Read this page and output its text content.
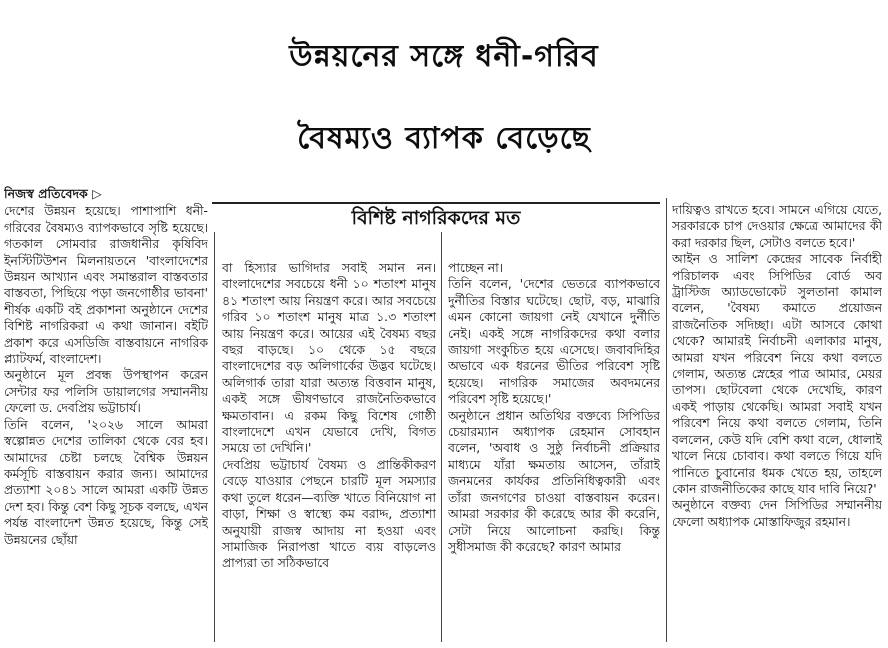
উন্নয়নের সঙ্গে ধনী-গরিব
বৈষম্যও ব্যাপক বেড়েছে
বিশিষ্ট নাগরিকদের মত
নিজস্ব প্রতিবেদক ▷

দেশের উন্নয়ন হয়েছে। পাশাপাশি ধনী-গরিবের বৈষম্যও ব্যাপকভাবে সৃষ্টি হয়েছে। গতকাল সোমবার রাজধানীর কৃষিবিদ ইনস্টিটিউশন মিলনায়তনে 'বাংলাদেশের উন্নয়ন আখ্যান এবং সমান্তরাল বাস্তবতার বাস্তবতা, পিছিয়ে পড়া জনগোষ্ঠীর ভাবনা' শীর্ষক একটি বই প্রকাশনা অনুষ্ঠানে দেশের বিশিষ্ট নাগরিকরা এ কথা জানান। বইটি প্রকাশ করে এসডিজি বাস্তবায়নে নাগরিক প্ল্যাটফর্ম, বাংলাদেশ।

অনুষ্ঠানে মূল প্রবন্ধ উপস্থাপন করেন সেন্টার ফর পলিসি ডায়ালগের সম্মাননীয় ফেলো ড. দেবপ্রিয় ভট্টাচার্য।

তিনি বলেন, '২০২৬ সালে আমরা স্বল্পোন্নত দেশের তালিকা থেকে বের হব। আমাদের চেষ্টা চলছে বৈশ্বিক উন্নয়ন কর্মসূচি বাস্তবায়ন করার জন্য। আমাদের প্রত্যাশা ২০৪১ সালে আমরা একটি উন্নত দেশ হব। কিন্তু বেশ কিছু সূচক বলছে, এখন পর্যন্ত বাংলাদেশ উন্নত হয়েছে, কিন্তু সেই উন্নয়নের ছোঁয়া

বা হিস্যার ভাগিদার সবাই সমান নন। বাংলাদেশের সবচেয়ে ধনী ১০ শতাংশ মানুষ ৪১ শতাংশ আয় নিয়ন্ত্রণ করে। আর সবচেয়ে গরিব ১০ শতাংশ মানুষ মাত্র ১.৩ শতাংশ আয় নিয়ন্ত্রণ করে। আয়ের এই বৈষম্য বছর বছর বাড়ছে। ১০ থেকে ১৫ বছরে বাংলাদেশের বড় অলিগার্কের উদ্ভব ঘটেছে। অলিগার্ক তারা যারা অত্যন্ত বিত্তবান মানুষ, একই সঙ্গে ভীষণভাবে রাজনৈতিকভাবে ক্ষমতাবান। এ রকম কিছু বিশেষ গোষ্ঠী বাংলাদেশে এখন যেভাবে দেখি, বিগত সময়ে তা দেখিনি।'

দেবপ্রিয় ভট্টাচার্য বৈষম্য ও প্রান্তিকীকরণ বেড়ে যাওয়ার পেছনে চারটি মূল সমস্যার কথা তুলে ধরেন—ব্যক্তি খাতে বিনিয়োগ না বাড়া, শিক্ষা ও স্বাস্থ্যে কম বরাদ্দ, প্রত্যাশা অনুযায়ী রাজস্ব আদায় না হওয়া এবং সামাজিক নিরাপত্তা খাতে ব্যয় বাড়লেও প্রাপ্যরা তা সঠিকভাবে

পাচ্ছেন না।

তিনি বলেন, 'দেশের ভেতরে ব্যাপকভাবে দুর্নীতির বিস্তার ঘটেছে। ছোট, বড়, মাঝারি এমন কোনো জায়গা নেই যেখানে দুর্নীতি নেই। একই সঙ্গে নাগরিকদের কথা বলার জায়গা সংকুচিত হয়ে এসেছে। জবাবদিহির অভাবে এক ধরনের ভীতির পরিবেশ সৃষ্টি হয়েছে। নাগরিক সমাজের অবদমনের পরিবেশ সৃষ্টি হয়েছে।'

অনুষ্ঠানে প্রধান অতিথির বক্তব্যে সিপিডির চেয়ারম্যান অধ্যাপক রেহমান সোবহান বলেন, 'অবাধ ও সুষ্ঠু নির্বাচনী প্রক্রিয়ার মাধ্যমে যাঁরা ক্ষমতায় আসেন, তাঁরাই জনমনের কার্যকর প্রতিনিধিত্বকারী এবং তাঁরা জনগণের চাওয়া বাস্তবায়ন করেন। আমরা সরকার কী করেছে আর কী করেনি, সেটা নিয়ে আলোচনা করছি। কিন্তু সুধীসমাজ কী করেছে? কারণ আমার

দায়িত্বও রাখতে হবে। সামনে এগিয়ে যেতে, সরকারকে চাপ দেওয়ার ক্ষেত্রে আমাদের কী করা দরকার ছিল, সেটাও বলতে হবে।'

আইন ও সালিশ কেন্দ্রের সাবেক নির্বাহী পরিচালক এবং সিপিডির বোর্ড অব ট্রাস্টিজ অ্যাডভোকেট সুলতানা কামাল বলেন, 'বৈষম্য কমাতে প্রয়োজন রাজনৈতিক সদিচ্ছা। এটা আসবে কোথা থেকে? আমারই নির্বাচনী এলাকার মানুষ, আমরা যখন পরিবেশ নিয়ে কথা বলতে গেলাম, অত্যন্ত স্নেহের পাত্র আমার, মেয়র তাপস। ছোটবেলা থেকে দেখেছি, কারণ একই পাড়ায় থেকেছি। আমরা সবাই যখন পরিবেশ নিয়ে কথা বলতে গেলাম, তিনি বললেন, কেউ যদি বেশি কথা বলে, ধোলাই খালে নিয়ে চোবাব। কথা বলতে গিয়ে যদি পানিতে চুবানোর ধমক খেতে হয়, তাহলে কোন রাজনীতিকের কাছে যাব দাবি নিয়ে?'

অনুষ্ঠানে বক্তব্য দেন সিপিডির সম্মাননীয় ফেলো অধ্যাপক মোস্তাফিজুর রহমান।
